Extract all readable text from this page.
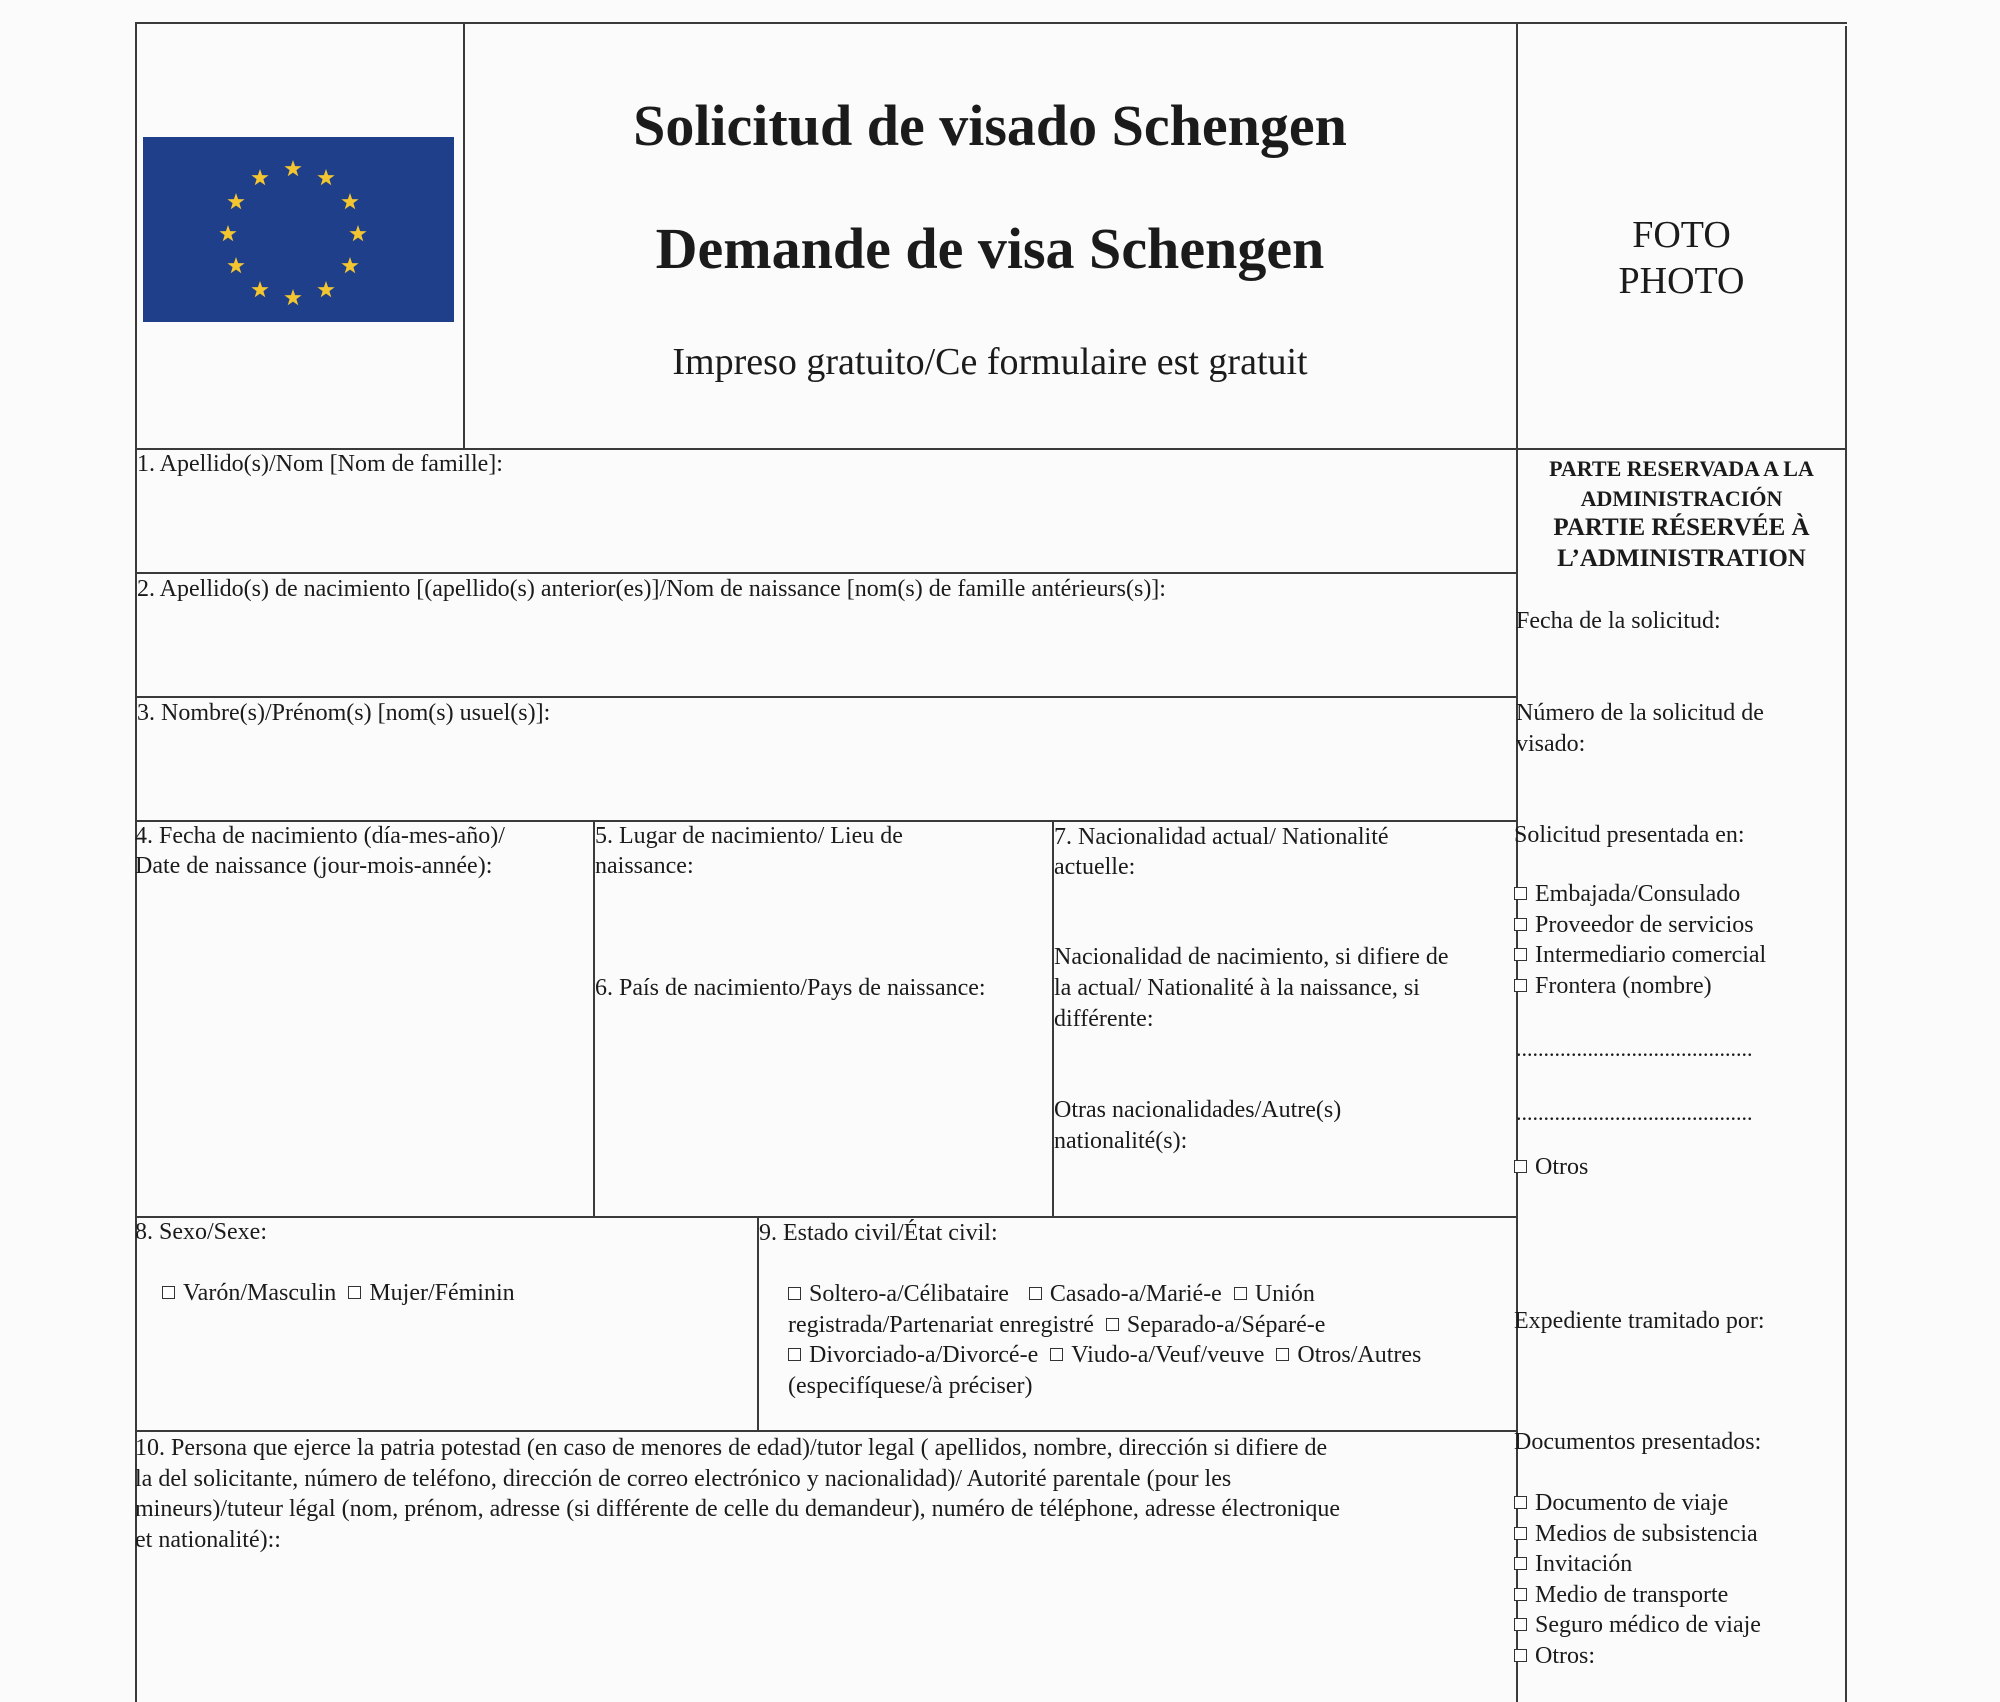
Solicitud de visado Schengen
Demande de visa Schengen
Impreso gratuito/Ce formulaire est gratuit
FOTO
PHOTO
1. Apellido(s)/Nom [Nom de famille]:
2. Apellido(s) de nacimiento [(apellido(s) anterior(es)]/Nom de naissance [nom(s) de famille antérieurs(s)]:
3. Nombre(s)/Prénom(s) [nom(s) usuel(s)]:
4. Fecha de nacimiento (día-mes-año)/
Date de naissance (jour-mois-année):
5. Lugar de nacimiento/ Lieu de
naissance:
6. País de nacimiento/Pays de naissance:
7. Nacionalidad actual/ Nationalité
actuelle:
Nacionalidad de nacimiento, si difiere de
la actual/ Nationalité à la naissance, si
différente:
Otras nacionalidades/Autre(s)
nationalité(s):
8. Sexo/Sexe:
Varón/Masculin Mujer/Féminin
9. Estado civil/État civil:
Soltero-a/Célibataire Casado-a/Marié-e Unión
registrada/Partenariat enregistré Separado-a/Séparé-e
Divorciado-a/Divorcé-e Viudo-a/Veuf/veuve Otros/Autres
(especifíquese/à préciser)
10. Persona que ejerce la patria potestad (en caso de menores de edad)/tutor legal ( apellidos, nombre, dirección si difiere de
la del solicitante, número de teléfono, dirección de correo electrónico y nacionalidad)/ Autorité parentale (pour les
mineurs)/tuteur légal (nom, prénom, adresse (si différente de celle du demandeur), numéro de téléphone, adresse électronique
et nationalité)::
PARTE RESERVADA A LA
ADMINISTRACIÓN
PARTIE RÉSERVÉE À
L’ADMINISTRATION
Fecha de la solicitud:
Número de la solicitud de
visado:
Solicitud presentada en:
Embajada/Consulado
Proveedor de servicios
Intermediario comercial
Frontera (nombre)
...........................................
...........................................
Otros
Expediente tramitado por:
Documentos presentados:
Documento de viaje
Medios de subsistencia
Invitación
Medio de transporte
Seguro médico de viaje
Otros:
